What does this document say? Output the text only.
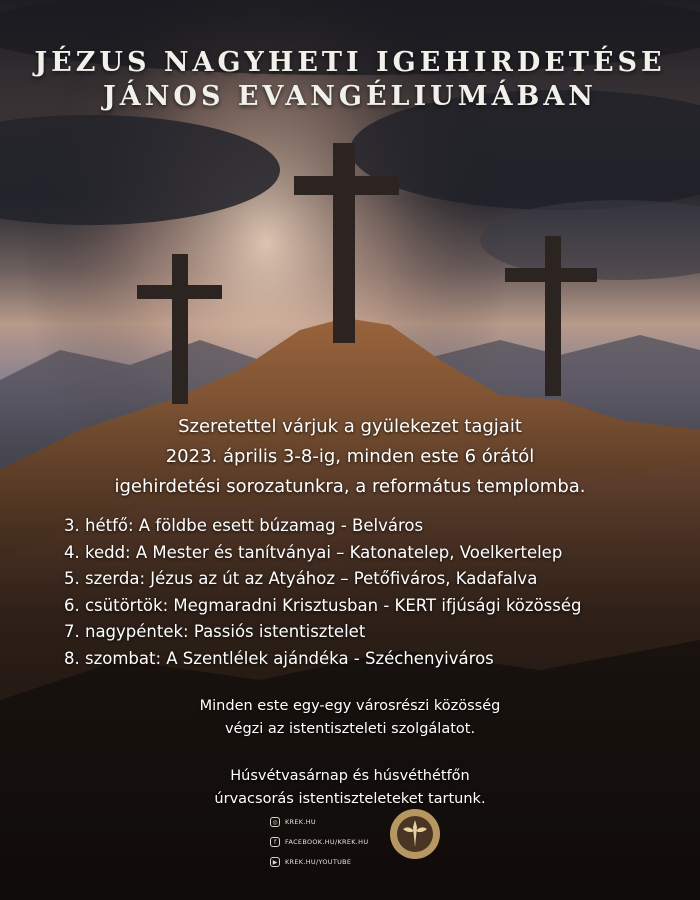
JÉZUS NAGYHETI IGEHIRDETÉSE
JÁNOS EVANGÉLIUMÁBAN
Szeretettel várjuk a gyülekezet tagjait
2023. április 3-8-ig, minden este 6 órától
igehirdetési sorozatunkra, a református templomba.
3. hétfő: A földbe esett búzamag - Belváros
4. kedd: A Mester és tanítványai – Katonatelep, Voelkertelep
5. szerda: Jézus az út az Atyához – Petőfiváros, Kadafalva
6. csütörtök: Megmaradni Krisztusban - KERT ifjúsági közösség
7. nagypéntek: Passiós istentisztelet
8. szombat: A Szentlélek ajándéka - Széchenyiváros
Minden este egy-egy városrészi közösség
végzi az istentiszteleti szolgálatot.
Húsvétvasárnap és húsvéthétfőn
úrvacsorás istentiszteleteket tartunk.
◎	KREK.HU
f	FACEBOOK.HU/KREK.HU
▶	KREK.HU/YOUTUBE
